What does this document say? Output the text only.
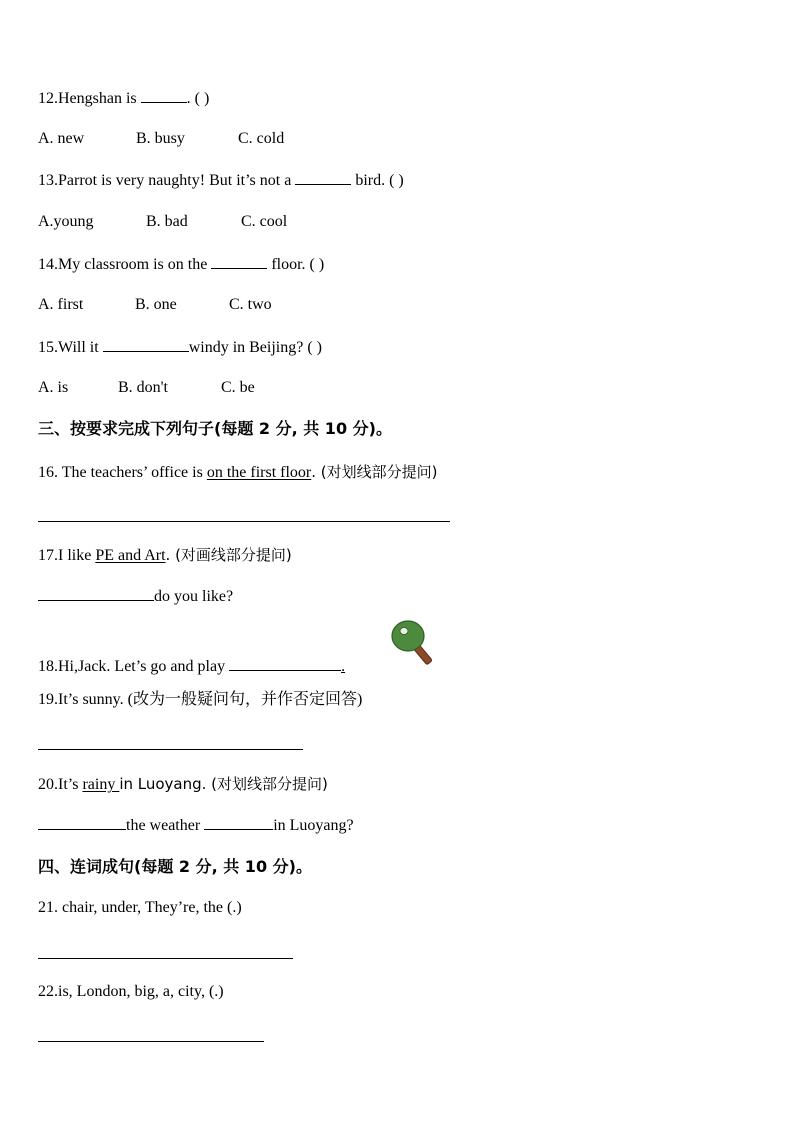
12.Hengshan is	. ( )
A. new	B. busy	C. cold
13.Parrot is very naughty! But it’s not a	bird. ( )
A.young	B. bad	C. cool
14.My classroom is on the	floor. ( )
A. first	B. one	C. two
15.Will it	windy in Beijing? ( )
A. is	B. don't	C. be
三、按要求完成下列句子(每题 2 分, 共 10 分)。
16. The teachers’ office is on the first floor. (对划线部分提问)
17.I like PE and Art. (对画线部分提问)
do you like?
18.Hi,Jack. Let’s go and play	.
19.It’s sunny. (改为一般疑问句，并作否定回答)
20.It’s rainy in Luoyang. (对划线部分提问)
the weather	in Luoyang?
四、连词成句(每题 2 分, 共 10 分)。
21. chair, under, They’re, the (.)
22.is, London, big, a, city, (.)
